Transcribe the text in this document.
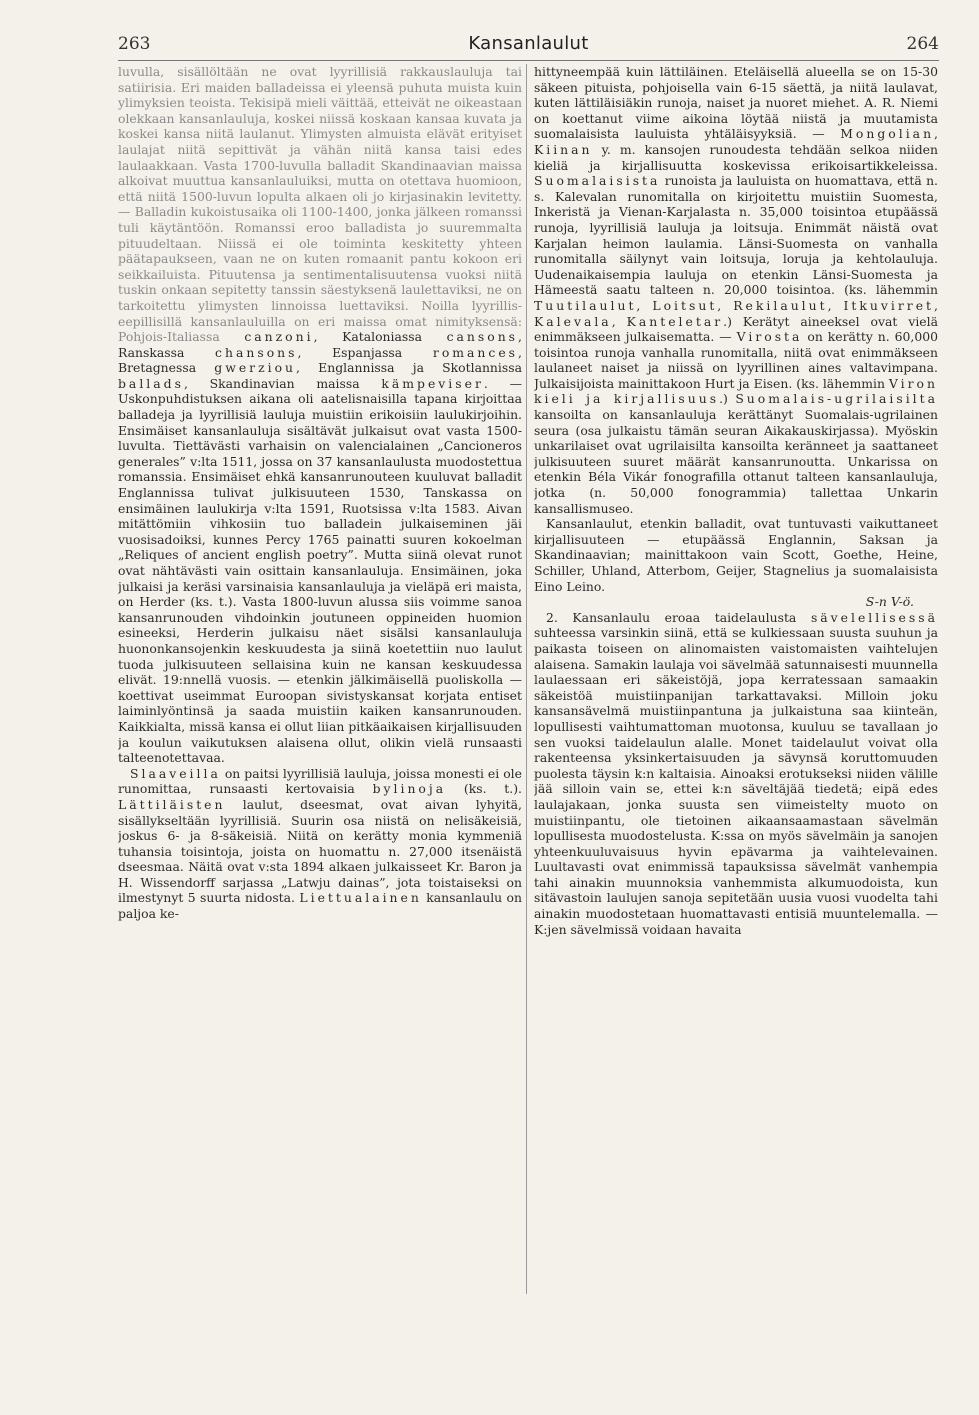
263	Kansanlaulut	264

luvulla, sisällöltään ne ovat lyyrillisiä rakkauslauluja tai satiirisia. Eri maiden balladeissa ei yleensä puhuta muista kuin ylimyksien teoista. Tekisipä mieli väittää, etteivät ne oikeastaan olekkaan kansanlauluja, koskei niissä koskaan kansaa kuvata ja koskei kansa niitä laulanut. Ylimysten almuista elävät erityiset laulajat niitä sepittivät ja vähän niitä kansa taisi edes laulaakkaan. Vasta 1700-luvulla balladit Skandinaavian maissa alkoivat muuttua kansanlauluiksi, mutta on otettava huomioon, että niitä 1500-luvun lopulta alkaen oli jo kirjasinakin levitetty. — Balladin kukoistusaika oli 1100-1400, jonka jälkeen romanssi tuli käytäntöön. Romanssi eroo balladista jo suuremmalta pituudeltaan. Niissä ei ole toiminta keskitetty yhteen päätapaukseen, vaan ne on kuten romaanit pantu kokoon eri seikkailuista. Pituutensa ja sentimentalisuutensa vuoksi niitä tuskin onkaan sepitetty tanssin säestyksenä laulettaviksi, ne on tarkoitettu ylimysten linnoissa luettaviksi. Noilla lyyrillis-eepillisillä kansanlauluilla on eri maissa omat nimityksensä: Pohjois-Italiassa canzoni, Kataloniassa cansons, Ranskassa chansons, Espanjassa romances, Bretagnessa gwerziou, Englannissa ja Skotlannissa ballads, Skandinavian maissa kämpeviser. — Uskonpuhdistuksen aikana oli aatelisnaisilla tapana kirjoittaa balladeja ja lyyrillisiä lauluja muistiin erikoisiin laulukirjoihin. Ensimäiset kansanlauluja sisältävät julkaisut ovat vasta 1500-luvulta. Tiettävästi varhaisin on valencialainen „Cancioneros generales” v:lta 1511, jossa on 37 kansanlaulusta muodostettua romanssia. Ensimäiset ehkä kansanrunouteen kuuluvat balladit Englannissa tulivat julkisuuteen 1530, Tanskassa on ensimäinen laulukirja v:lta 1591, Ruotsissa v:lta 1583. Aivan mitättömiin vihkosiin tuo balladein julkaiseminen jäi vuosisadoiksi, kunnes Percy 1765 painatti suuren kokoelman „Reliques of ancient english poetry”. Mutta siinä olevat runot ovat nähtävästi vain osittain kansanlauluja. Ensimäinen, joka julkaisi ja keräsi varsinaisia kansanlauluja ja vieläpä eri maista, on Herder (ks. t.). Vasta 1800-luvun alussa siis voimme sanoa kansanrunouden vihdoinkin joutuneen oppineiden huomion esineeksi, Herderin julkaisu näet sisälsi kansanlauluja huononkansojenkin keskuudesta ja siinä koetettiin nuo laulut tuoda julkisuuteen sellaisina kuin ne kansan keskuudessa elivät. 19:nnellä vuosis. — etenkin jälkimäisellä puoliskolla — koettivat useimmat Euroopan sivistyskansat korjata entiset laiminlyöntinsä ja saada muistiin kaiken kansanrunouden. Kaikkialta, missä kansa ei ollut liian pitkäaikaisen kirjallisuuden ja koulun vaikutuksen alaisena ollut, olikin vielä runsaasti talteenotettavaa.

Slaaveilla on paitsi lyyrillisiä lauluja, joissa monesti ei ole runomittaa, runsaasti kertovaisia bylinoja (ks. t.). Lättiläisten laulut, dseesmat, ovat aivan lyhyitä, sisällykseltään lyyrillisiä. Suurin osa niistä on nelisäkeisiä, joskus 6- ja 8-säkeisiä. Niitä on kerätty monia kymmeniä tuhansia toisintoja, joista on huomattu n. 27,000 itsenäistä dseesmaa. Näitä ovat v:sta 1894 alkaen julkaisseet Kr. Baron ja H. Wissendorff sarjassa „Latwju dainas”, jota toistaiseksi on ilmestynyt 5 suurta nidosta. Liettualainen kansanlaulu on paljoa ke-

hittyneempää kuin lättiläinen. Eteläisellä alueella se on 15-30 säkeen pituista, pohjoisella vain 6-15 säettä, ja niitä laulavat, kuten lättiläisiäkin runoja, naiset ja nuoret miehet. A. R. Niemi on koettanut viime aikoina löytää niistä ja muutamista suomalaisista lauluista yhtäläisyyksiä. — Mongolian, Kiinan y. m. kansojen runoudesta tehdään selkoa niiden kieliä ja kirjallisuutta koskevissa erikoisartikkeleissa. Suomalaisista runoista ja lauluista on huomattava, että n. s. Kalevalan runomitalla on kirjoitettu muistiin Suomesta, Inkeristä ja Vienan-Karjalasta n. 35,000 toisintoa etupäässä runoja, lyyrillisiä lauluja ja loitsuja. Enimmät näistä ovat Karjalan heimon laulamia. Länsi-Suomesta on vanhalla runomitalla säilynyt vain loitsuja, loruja ja kehtolauluja. Uudenaikaisempia lauluja on etenkin Länsi-Suomesta ja Hämeestä saatu talteen n. 20,000 toisintoa. (ks. lähemmin Tuutilaulut, Loitsut, Rekilaulut, Itkuvirret, Kalevala, Kanteletar.) Kerätyt aineeksel ovat vielä enimmäkseen julkaisematta. — Virosta on kerätty n. 60,000 toisintoa runoja vanhalla runomitalla, niitä ovat enimmäkseen laulaneet naiset ja niissä on lyyrillinen aines valtavimpana. Julkaisijoista mainittakoon Hurt ja Eisen. (ks. lähemmin Viron kieli ja kirjallisuus.) Suomalais-ugrilaisilta kansoilta on kansanlauluja kerättänyt Suomalais-ugrilainen seura (osa julkaistu tämän seuran Aikakauskirjassa). Myöskin unkarilaiset ovat ugrilaisilta kansoilta keränneet ja saattaneet julkisuuteen suuret määrät kansanrunoutta. Unkarissa on etenkin Béla Vikár fonografilla ottanut talteen kansanlauluja, jotka (n. 50,000 fonogrammia) tallettaa Unkarin kansallismuseo.

Kansanlaulut, etenkin balladit, ovat tuntuvasti vaikuttaneet kirjallisuuteen — etupäässä Englannin, Saksan ja Skandinaavian; mainittakoon vain Scott, Goethe, Heine, Schiller, Uhland, Atterbom, Geijer, Stagnelius ja suomalaisista Eino Leino.

S-n V-ö.

2. Kansanlaulu eroaa taidelaulusta sävelellisessä suhteessa varsinkin siinä, että se kulkiessaan suusta suuhun ja paikasta toiseen on alinomaisten vaistomaisten vaihtelujen alaisena. Samakin laulaja voi sävelmää satunnaisesti muunnella laulaessaan eri säkeistöjä, jopa kerratessaan samaakin säkeistöä muistiinpanijan tarkattavaksi. Milloin joku kansansävelmä muistiinpantuna ja julkaistuna saa kiinteän, lopullisesti vaihtumattoman muotonsa, kuuluu se tavallaan jo sen vuoksi taidelaulun alalle. Monet taidelaulut voivat olla rakenteensa yksinkertaisuuden ja sävynsä koruttomuuden puolesta täysin k:n kaltaisia. Ainoaksi erotukseksi niiden välille jää silloin vain se, ettei k:n säveltäjää tiedetä; eipä edes laulajakaan, jonka suusta sen viimeistelty muoto on muistiinpantu, ole tietoinen aikaansaamastaan sävelmän lopullisesta muodostelusta. K:ssa on myös sävelmäin ja sanojen yhteenkuuluvaisuus hyvin epävarma ja vaihtelevainen. Luultavasti ovat enimmissä tapauksissa sävelmät vanhempia tahi ainakin muunnoksia vanhemmista alkumuodoista, kun sitävastoin laulujen sanoja sepitetään uusia vuosi vuodelta tahi ainakin muodostetaan huomattavasti entisiä muuntelemalla. — K:jen sävelmissä voidaan havaita
